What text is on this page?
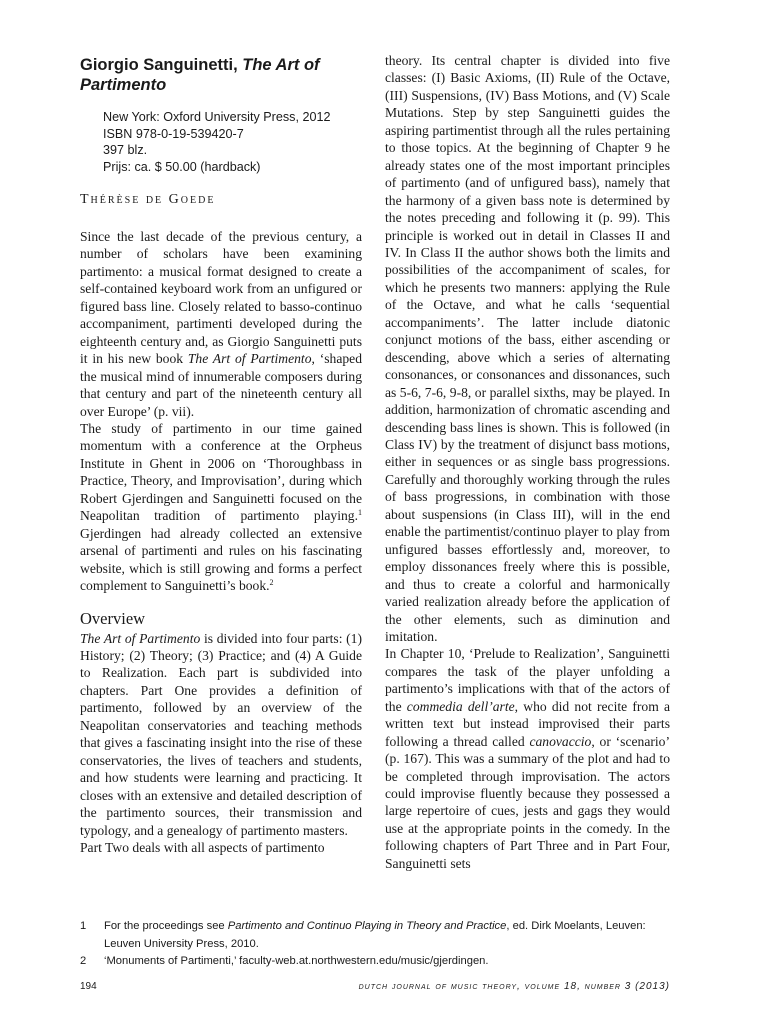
Giorgio Sanguinetti, The Art of Partimento
New York: Oxford University Press, 2012
ISBN 978-0-19-539420-7
397 blz.
Prijs: ca. $ 50.00 (hardback)
Thérèse de Goede

Since the last decade of the previous century, a number of scholars have been examining partimento: a musical format designed to create a self-contained keyboard work from an unfigured or figured bass line. Closely related to basso-continuo accompaniment, partimenti developed during the eighteenth century and, as Giorgio Sanguinetti puts it in his new book The Art of Partimento, ‘shaped the musical mind of innumerable composers during that century and part of the nineteenth century all over Europe’ (p. vii).

The study of partimento in our time gained momentum with a conference at the Orpheus Institute in Ghent in 2006 on ‘Thoroughbass in Practice, Theory, and Improvisation’, during which Robert Gjerdingen and Sanguinetti focused on the Neapolitan tradition of partimento playing.$^1$ Gjerdingen had already collected an extensive arsenal of partimenti and rules on his fascinating website, which is still growing and forms a perfect complement to Sanguinetti’s book.$^2$

Overview

The Art of Partimento is divided into four parts: (1) History; (2) Theory; (3) Practice; and (4) A Guide to Realization. Each part is subdivided into chapters. Part One provides a definition of partimento, followed by an overview of the Neapolitan conservatories and teaching methods that gives a fascinating insight into the rise of these conservatories, the lives of teachers and students, and how students were learning and practicing. It closes with an extensive and detailed description of the partimento sources, their transmission and typology, and a genealogy of partimento masters.

Part Two deals with all aspects of partimento

theory. Its central chapter is divided into five classes: (I) Basic Axioms, (II) Rule of the Octave, (III) Suspensions, (IV) Bass Motions, and (V) Scale Mutations. Step by step Sanguinetti guides the aspiring partimentist through all the rules pertaining to those topics. At the beginning of Chapter 9 he already states one of the most important principles of partimento (and of unfigured bass), namely that the harmony of a given bass note is determined by the notes preceding and following it (p. 99). This principle is worked out in detail in Classes II and IV. In Class II the author shows both the limits and possibilities of the accompaniment of scales, for which he presents two manners: applying the Rule of the Octave, and what he calls ‘sequential accompaniments’. The latter include diatonic conjunct motions of the bass, either ascending or descending, above which a series of alternating consonances, or consonances and dissonances, such as 5-6, 7-6, 9-8, or parallel sixths, may be played. In addition, harmonization of chromatic ascending and descending bass lines is shown. This is followed (in Class IV) by the treatment of disjunct bass motions, either in sequences or as single bass progressions. Carefully and thoroughly working through the rules of bass progressions, in combination with those about suspensions (in Class III), will in the end enable the partimentist/continuo player to play from unfigured basses effortlessly and, moreover, to employ dissonances freely where this is possible, and thus to create a colorful and harmonically varied realization already before the application of the other elements, such as diminution and imitation.

In Chapter 10, ‘Prelude to Realization’, Sanguinetti compares the task of the player unfolding a partimento’s implications with that of the actors of the commedia dell’arte, who did not recite from a written text but instead improvised their parts following a thread called canovaccio, or ‘scenario’ (p. 167). This was a summary of the plot and had to be completed through improvisation. The actors could improvise fluently because they possessed a large repertoire of cues, jests and gags they would use at the appropriate points in the comedy. In the following chapters of Part Three and in Part Four, Sanguinetti sets

1	For the proceedings see Partimento and Continuo Playing in Theory and Practice, ed. Dirk Moelants, Leuven: Leuven University Press, 2010.
2	‘Monuments of Partimenti,’ faculty-web.at.northwestern.edu/music/gjerdingen.
194	dutch journal of music theory, volume 18, number 3 (2013)
